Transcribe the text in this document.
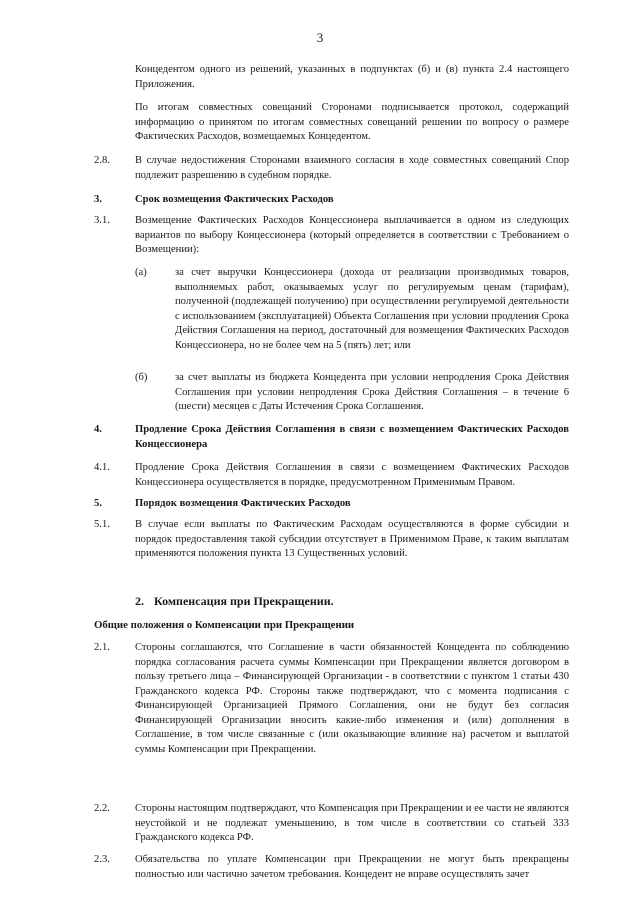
3

Концедентом одного из решений, указанных в подпунктах (б) и (в) пункта 2.4 настоящего Приложения.

По итогам совместных совещаний Сторонами подписывается протокол, содержащий информацию о принятом по итогам совместных совещаний решении по вопросу о размере Фактических Расходов, возмещаемых Концедентом.

2.8. В случае недостижения Сторонами взаимного согласия в ходе совместных совещаний Спор подлежит разрешению в судебном порядке.

3.	Срок возмещения Фактических Расходов

3.1. Возмещение Фактических Расходов Концессионера выплачивается в одном из следующих вариантов по выбору Концессионера (который определяется в соответствии с Требованием о Возмещении):

(а)	за счет выручки Концессионера (дохода от реализации производимых товаров, выполняемых работ, оказываемых услуг по регулируемым ценам (тарифам), полученной (подлежащей получению) при осуществлении регулируемой деятельности с использованием (эксплуатацией) Объекта Соглашения при условии продления Срока Действия Соглашения на период, достаточный для возмещения Фактических Расходов Концессионера, но не более чем на 5 (пять) лет; или

(б)	за счет выплаты из бюджета Концедента при условии непродления Срока Действия Соглашения при условии непродления Срока Действия Соглашения – в течение 6 (шести) месяцев с Даты Истечения Срока Соглашения.

4.	Продление Срока Действия Соглашения в связи с возмещением Фактических Расходов Концессионера

4.1. Продление Срока Действия Соглашения в связи с возмещением Фактических Расходов Концессионера осуществляется в порядке, предусмотренном Применимым Правом.

5.	Порядок возмещения Фактических Расходов

5.1. В случае если выплаты по Фактическим Расходам осуществляются в форме субсидии и порядок предоставления такой субсидии отсутствует в Применимом Праве, к таким выплатам применяются положения пункта 13 Существенных условий.

2. Компенсация при Прекращении.
Общие положения о Компенсации при Прекращении
2.1. Стороны соглашаются, что Соглашение в части обязанностей Концедента по соблюдению порядка согласования расчета суммы Компенсации при Прекращении является договором в пользу третьего лица – Финансирующей Организации - в соответствии с пунктом 1 статьи 430 Гражданского кодекса РФ. Стороны также подтверждают, что с момента подписания с Финансирующей Организацией Прямого Соглашения, они не будут без согласия Финансирующей Организации вносить какие-либо изменения и (или) дополнения в Соглашение, в том числе связанные с (или оказывающие влияние на) расчетом и выплатой суммы Компенсации при Прекращении.

2.2. Стороны настоящим подтверждают, что Компенсация при Прекращении и ее части не являются неустойкой и не подлежат уменьшению, в том числе в соответствии со статьей 333 Гражданского кодекса РФ.

2.3. Обязательства по уплате Компенсации при Прекращении не могут быть прекращены полностью или частично зачетом требования. Концедент не вправе осуществлять зачет
